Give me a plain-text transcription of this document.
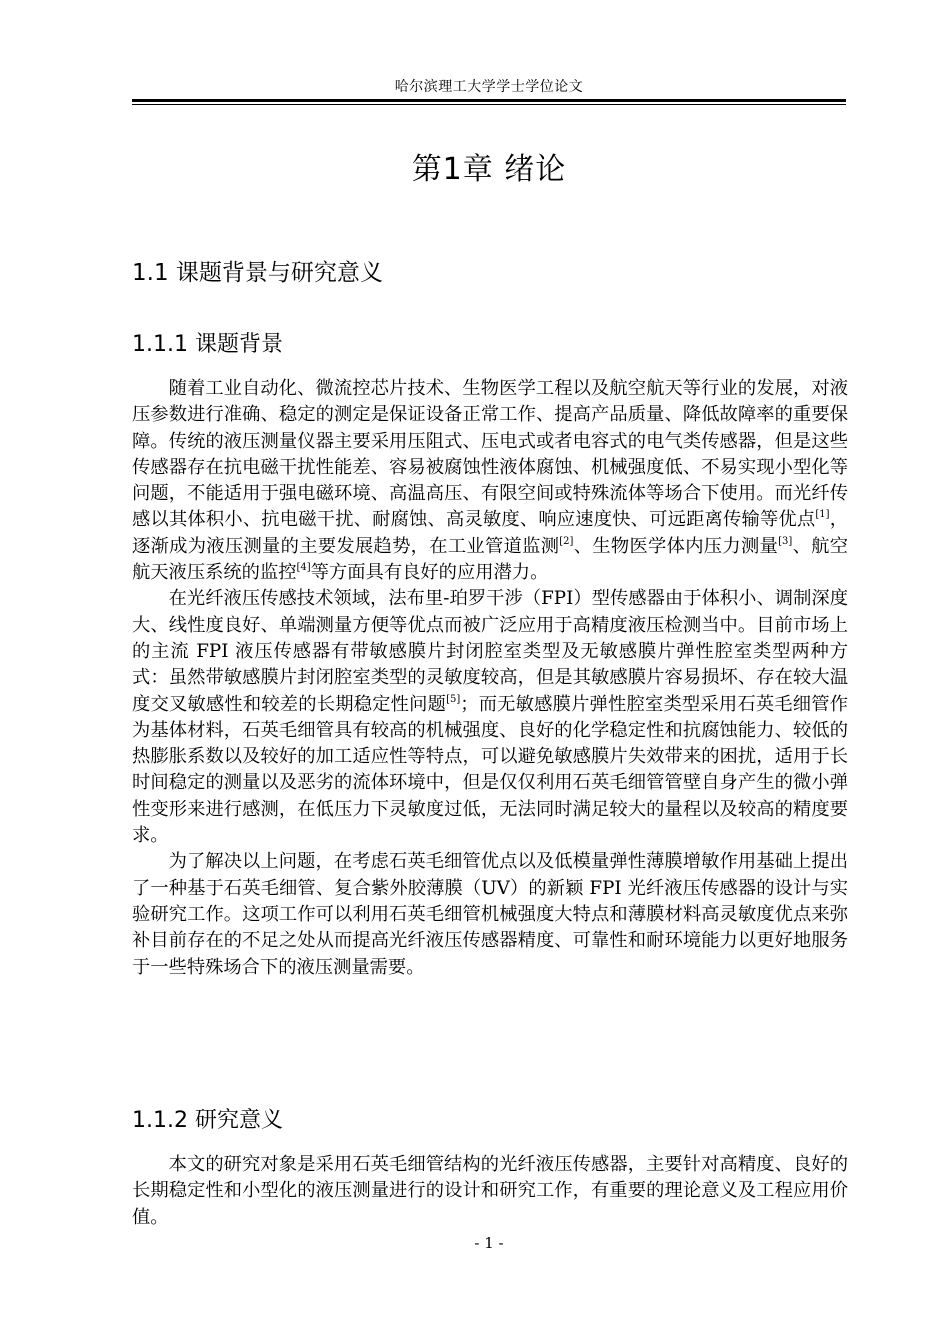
哈尔滨理工大学学士学位论文
第1章 绪论
1.1 课题背景与研究意义
1.1.1 课题背景

随着工业自动化、微流控芯片技术、生物医学工程以及航空航天等行业的发展，对液压参数进行准确、稳定的测定是保证设备正常工作、提高产品质量、降低故障率的重要保障。传统的液压测量仪器主要采用压阻式、压电式或者电容式的电气类传感器，但是这些传感器存在抗电磁干扰性能差、容易被腐蚀性液体腐蚀、机械强度低、不易实现小型化等问题，不能适用于强电磁环境、高温高压、有限空间或特殊流体等场合下使用。而光纤传感以其体积小、抗电磁干扰、耐腐蚀、高灵敏度、响应速度快、可远距离传输等优点[1]，逐渐成为液压测量的主要发展趋势，在工业管道监测[2]、生物医学体内压力测量[3]、航空航天液压系统的监控[4]等方面具有良好的应用潜力。

在光纤液压传感技术领域，法布里-珀罗干涉（FPI）型传感器由于体积小、调制深度大、线性度良好、单端测量方便等优点而被广泛应用于高精度液压检测当中。目前市场上的主流 FPI 液压传感器有带敏感膜片封闭腔室类型及无敏感膜片弹性腔室类型两种方式：虽然带敏感膜片封闭腔室类型的灵敏度较高，但是其敏感膜片容易损坏、存在较大温度交叉敏感性和较差的长期稳定性问题[5]；而无敏感膜片弹性腔室类型采用石英毛细管作为基体材料，石英毛细管具有较高的机械强度、良好的化学稳定性和抗腐蚀能力、较低的热膨胀系数以及较好的加工适应性等特点，可以避免敏感膜片失效带来的困扰，适用于长时间稳定的测量以及恶劣的流体环境中，但是仅仅利用石英毛细管管壁自身产生的微小弹性变形来进行感测，在低压力下灵敏度过低，无法同时满足较大的量程以及较高的精度要求。

为了解决以上问题，在考虑石英毛细管优点以及低模量弹性薄膜增敏作用基础上提出了一种基于石英毛细管、复合紫外胶薄膜（UV）的新颖 FPI 光纤液压传感器的设计与实验研究工作。这项工作可以利用石英毛细管机械强度大特点和薄膜材料高灵敏度优点来弥补目前存在的不足之处从而提高光纤液压传感器精度、可靠性和耐环境能力以更好地服务于一些特殊场合下的液压测量需要。

1.1.2 研究意义

本文的研究对象是采用石英毛细管结构的光纤液压传感器，主要针对高精度、良好的长期稳定性和小型化的液压测量进行的设计和研究工作，有重要的理论意义及工程应用价值。

- 1 -
